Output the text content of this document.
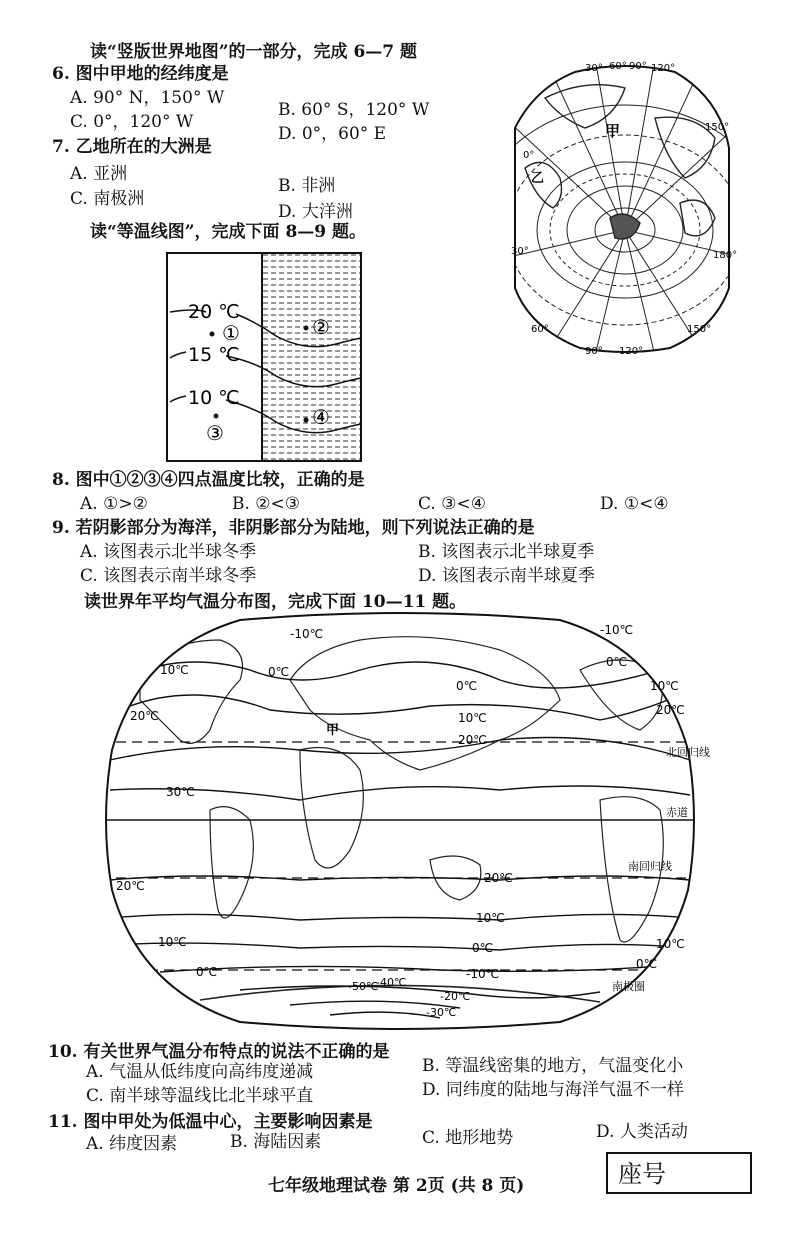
读“竖版世界地图”的一部分，完成 6—7 题
6. 图中甲地的经纬度是
A. 90° N，150° W
B. 60° S，120° W
C. 0°，120° W
D. 0°，60° E
7. 乙地所在的大洲是
A. 亚洲
B. 非洲
C. 南极洲
D. 大洋洲
读“等温线图”，完成下面 8—9 题。
30° 60° 90° 120°
0°
30°
60°
150°
180°
90° 120°
150°
甲
乙
20 ℃
15 ℃
10 ℃
①	②
③
④
8. 图中①②③④四点温度比较，正确的是
A. ①>②	B. ②<③	C. ③<④	D. ①<④
9. 若阴影部分为海洋，非阴影部分为陆地，则下列说法正确的是
A. 该图表示北半球冬季	B. 该图表示北半球夏季
C. 该图表示南半球冬季	D. 该图表示南半球夏季
读世界年平均气温分布图，完成下面 10—11 题。
-10℃
10℃	0℃
0℃
10℃
20℃
20℃
30℃
-10℃
0℃
10℃
20℃
甲
北回归线
赤道
南回归线
南极圈
20℃
20℃
10℃
10℃	0℃
-10℃
10℃
0℃
0℃
-20℃
-30℃
-40℃
-50℃
10. 有关世界气温分布特点的说法不正确的是
A. 气温从低纬度向高纬度递减	B. 等温线密集的地方，气温变化小
C. 南半球等温线比北半球平直	D. 同纬度的陆地与海洋气温不一样
11. 图中甲处为低温中心，主要影响因素是
A. 纬度因素	B. 海陆因素	C. 地形地势	D. 人类活动
七年级地理试卷 第 2页 (共 8 页)	座号
